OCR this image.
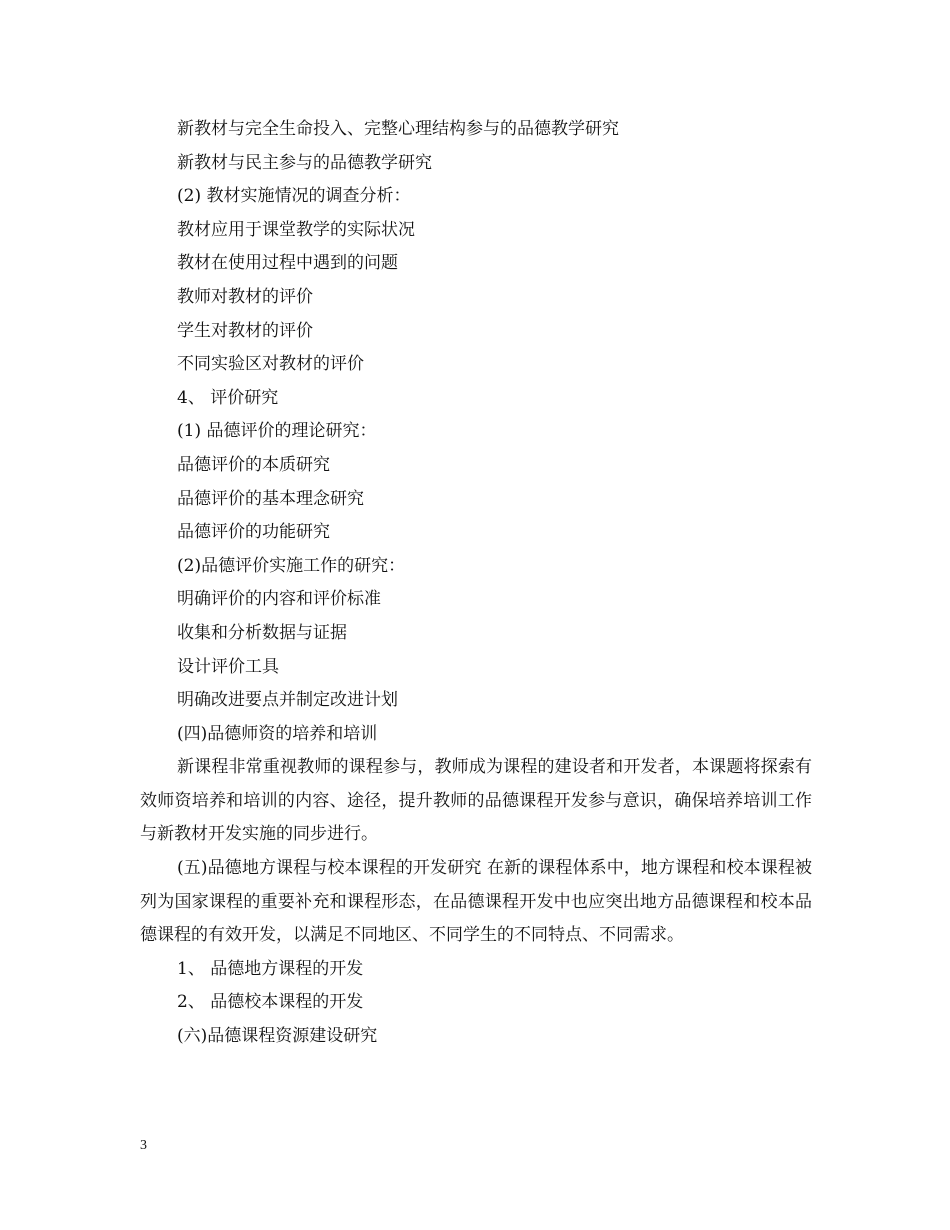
新教材与完全生命投入、完整心理结构参与的品德教学研究
新教材与民主参与的品德教学研究
(2) 教材实施情况的调查分析：
教材应用于课堂教学的实际状况
教材在使用过程中遇到的问题
教师对教材的评价
学生对教材的评价
不同实验区对教材的评价
4、 评价研究
(1) 品德评价的理论研究：
品德评价的本质研究
品德评价的基本理念研究
品德评价的功能研究
(2)品德评价实施工作的研究：
明确评价的内容和评价标准
收集和分析数据与证据
设计评价工具
明确改进要点并制定改进计划
(四)品德师资的培养和培训
新课程非常重视教师的课程参与，教师成为课程的建设者和开发者，本课题将探索有效师资培养和培训的内容、途径，提升教师的品德课程开发参与意识，确保培养培训工作与新教材开发实施的同步进行。
(五)品德地方课程与校本课程的开发研究 在新的课程体系中，地方课程和校本课程被列为国家课程的重要补充和课程形态，在品德课程开发中也应突出地方品德课程和校本品德课程的有效开发，以满足不同地区、不同学生的不同特点、不同需求。
1、 品德地方课程的开发
2、 品德校本课程的开发
(六)品德课程资源建设研究
3
